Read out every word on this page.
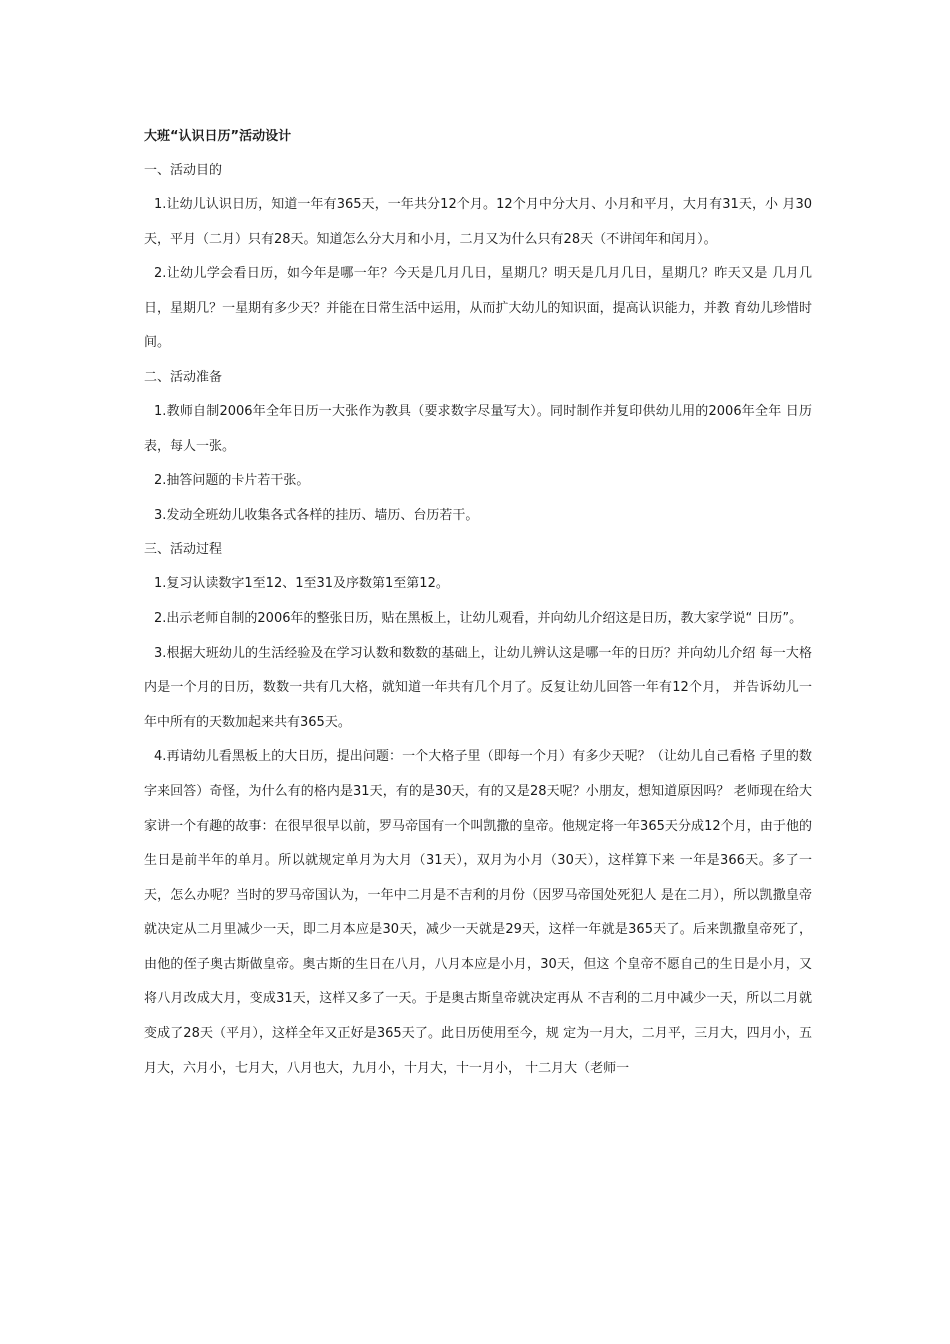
大班“认识日历”活动设计

一、活动目的

1.让幼儿认识日历，知道一年有365天，一年共分12个月。12个月中分大月、小月和平月，大月有31天，小 月30天，平月（二月）只有28天。知道怎么分大月和小月，二月又为什么只有28天（不讲闰年和闰月）。

2.让幼儿学会看日历，如今年是哪一年？今天是几月几日，星期几？明天是几月几日，星期几？昨天又是 几月几日，星期几？一星期有多少天？并能在日常生活中运用，从而扩大幼儿的知识面，提高认识能力，并教 育幼儿珍惜时间。

二、活动准备

1.教师自制2006年全年日历一大张作为教具（要求数字尽量写大）。同时制作并复印供幼儿用的2006年全年 日历表，每人一张。

2.抽答问题的卡片若干张。

3.发动全班幼儿收集各式各样的挂历、墙历、台历若干。

三、活动过程

1.复习认读数字1至12、1至31及序数第1至第12。

2.出示老师自制的2006年的整张日历，贴在黑板上，让幼儿观看，并向幼儿介绍这是日历，教大家学说“ 日历”。

3.根据大班幼儿的生活经验及在学习认数和数数的基础上，让幼儿辨认这是哪一年的日历？并向幼儿介绍 每一大格内是一个月的日历，数数一共有几大格，就知道一年共有几个月了。反复让幼儿回答一年有12个月， 并告诉幼儿一年中所有的天数加起来共有365天。

4.再请幼儿看黑板上的大日历，提出问题：一个大格子里（即每一个月）有多少天呢？（让幼儿自己看格 子里的数字来回答）奇怪，为什么有的格内是31天，有的是30天，有的又是28天呢？小朋友，想知道原因吗？ 老师现在给大家讲一个有趣的故事：在很早很早以前，罗马帝国有一个叫凯撒的皇帝。他规定将一年365天分成12个月，由于他的生日是前半年的单月。所以就规定单月为大月（31天），双月为小月（30天），这样算下来 一年是366天。多了一天，怎么办呢？当时的罗马帝国认为，一年中二月是不吉利的月份（因罗马帝国处死犯人 是在二月），所以凯撒皇帝就决定从二月里减少一天，即二月本应是30天，减少一天就是29天，这样一年就是365天了。后来凯撒皇帝死了，由他的侄子奥古斯做皇帝。奥古斯的生日在八月，八月本应是小月，30天，但这 个皇帝不愿自己的生日是小月，又将八月改成大月，变成31天，这样又多了一天。于是奥古斯皇帝就决定再从 不吉利的二月中减少一天，所以二月就变成了28天（平月），这样全年又正好是365天了。此日历使用至今，规 定为一月大，二月平，三月大，四月小，五月大，六月小，七月大，八月也大，九月小，十月大，十一月小， 十二月大（老师一
